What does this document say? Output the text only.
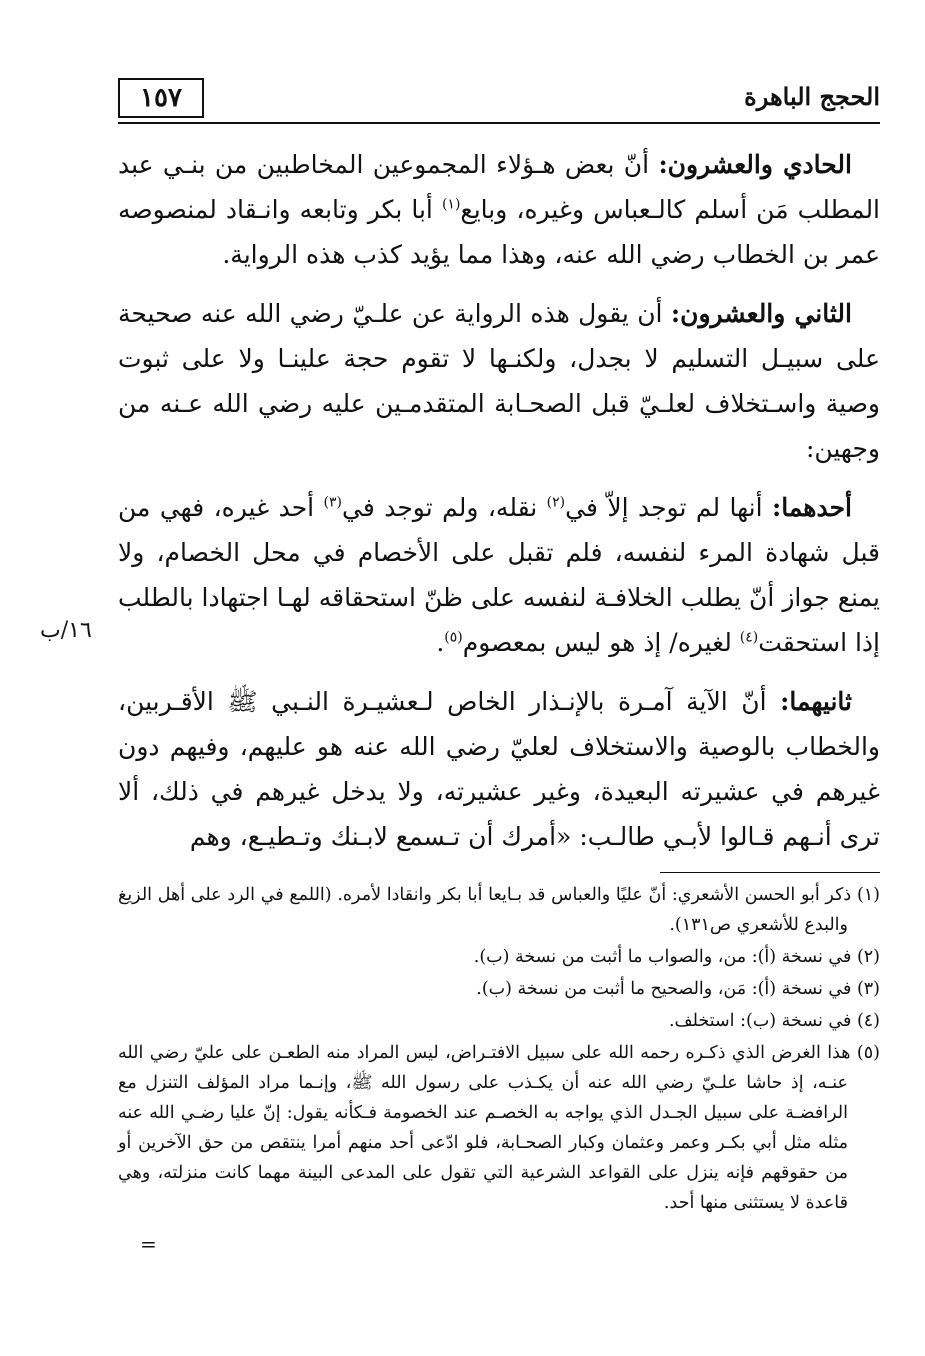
١٥٧	الحجج الباهرة
١٦/ب

الحادي والعشرون: أنّ بعض هـؤلاء المجموعين المخاطبين من بنـي عبد المطلب مَن أسلم كالـعباس وغيره، وبايع$^{(١)}$ أبا بكر وتابعه وانـقاد لمنصوصه عمر بن الخطاب رضي الله عنه، وهذا مما يؤيد كذب هذه الرواية.

الثاني والعشرون: أن يقول هذه الرواية عن علـيّ رضي الله عنه صحيحة على سبيـل التسليم لا بجدل، ولكنـها لا تقوم حجة علينـا ولا على ثبوت وصية واسـتخلاف لعلـيّ قبل الصحـابة المتقدمـين عليه رضي الله عـنه من وجهين:

أحدهما: أنها لم توجد إلاّ في$^{(٢)}$ نقله، ولم توجد في$^{(٣)}$ أحد غيره، فهي من قبل شهادة المرء لنفسه، فلم تقبل على الأخصام في محل الخصام، ولا يمنع جواز أنّ يطلب الخلافـة لنفسه على ظنّ استحقاقه لهـا اجتهادا بالطلب إذا استحقت$^{(٤)}$ لغيره/ إذ هو ليس بمعصوم$^{(٥)}$.

ثانيهما: أنّ الآية آمـرة بالإنـذار الخاص لـعشيـرة النـبي ﷺ الأقـربين، والخطاب بالوصية والاستخلاف لعليّ رضي الله عنه هو عليهم، وفيهم دون غيرهم في عشيرته البعيدة، وغير عشيرته، ولا يدخل غيرهم في ذلك، ألا ترى أنـهم قـالوا لأبـي طالـب: «أمرك أن تـسمع لابـنك وتـطيـع، وهم

(١) ذكر أبو الحسن الأشعري: أنّ عليًا والعباس قد بـايعا أبا بكر وانقادا لأمره. (اللمع في الرد على أهل الزيغ والبدع للأشعري ص١٣١).

(٢) في نسخة (أ): من، والصواب ما أثبت من نسخة (ب).

(٣) في نسخة (أ): مَن، والصحيح ما أثبت من نسخة (ب).

(٤) في نسخة (ب): استخلف.

(٥) هذا الغرض الذي ذكـره رحمه الله على سبيل الافتـراض، ليس المراد منه الطعـن على عليّ رضي الله عنـه، إذ حاشا علـيّ رضي الله عنه أن يكـذب على رسول الله ﷺ، وإنـما مراد المؤلف التنزل مع الرافضـة على سبيل الجـدل الذي يواجه به الخصـم عند الخصومة فـكأنه يقول: إنّ عليا رضـي الله عنه مثله مثل أبي بكـر وعمر وعثمان وكبار الصحـابة، فلو ادّعى أحد منهم أمرا ينتقص من حق الآخرين أو من حقوقهم فإنه ينزل على القواعد الشرعية التي تقول على المدعى البينة مهما كانت منزلته، وهي قاعدة لا يستثنى منها أحد.

=
